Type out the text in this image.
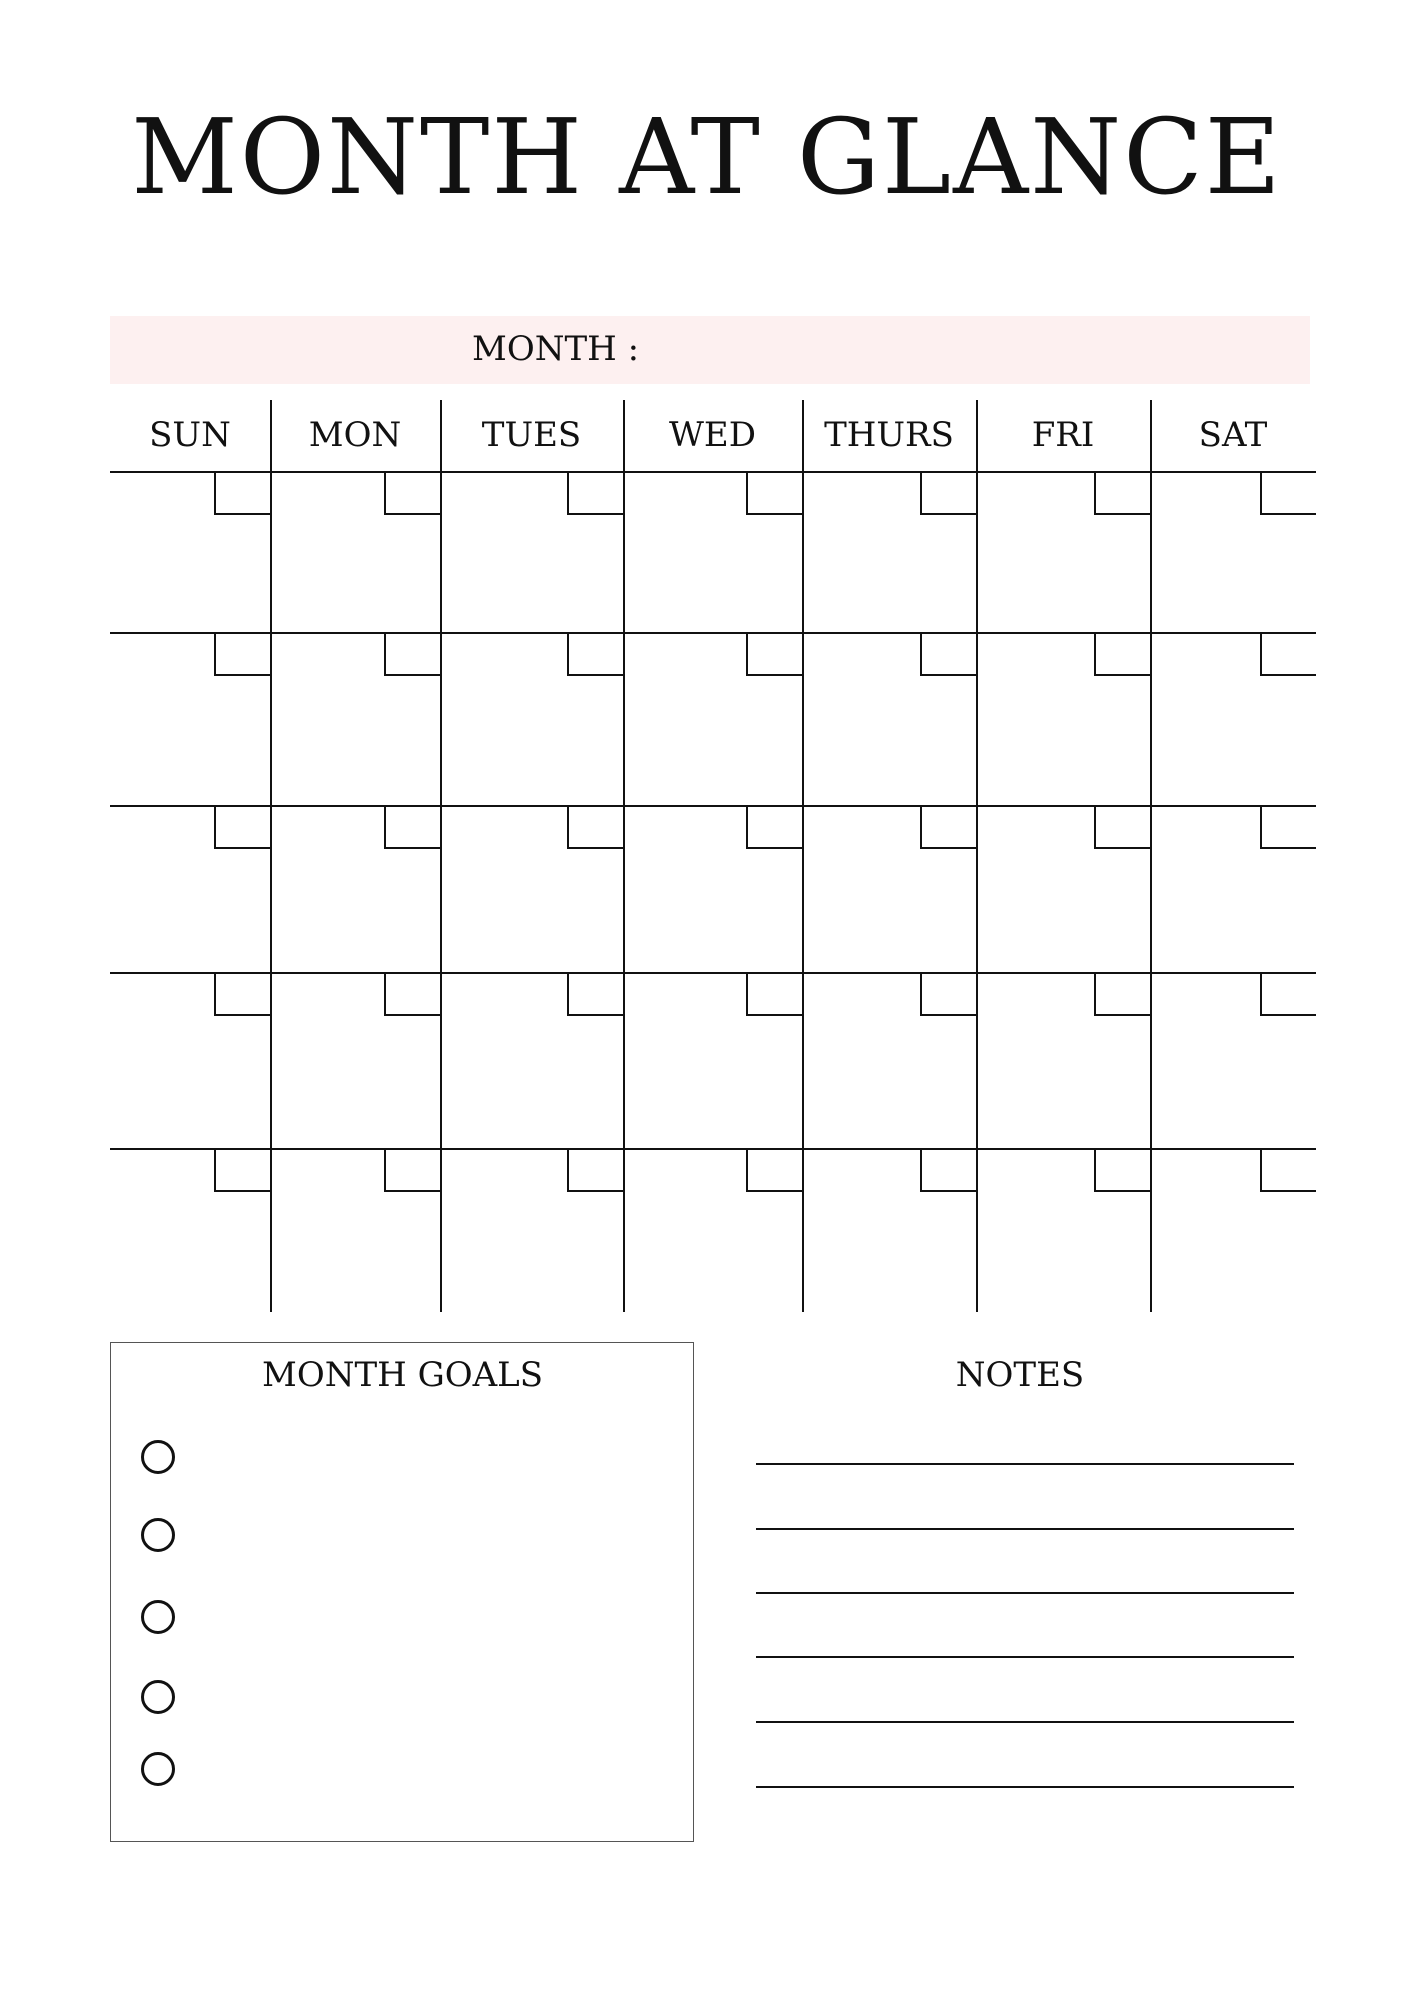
MONTH AT GLANCE
MONTH :
SUN	MON	TUES	WED	THURS	FRI	SAT
MONTH GOALS	NOTES
